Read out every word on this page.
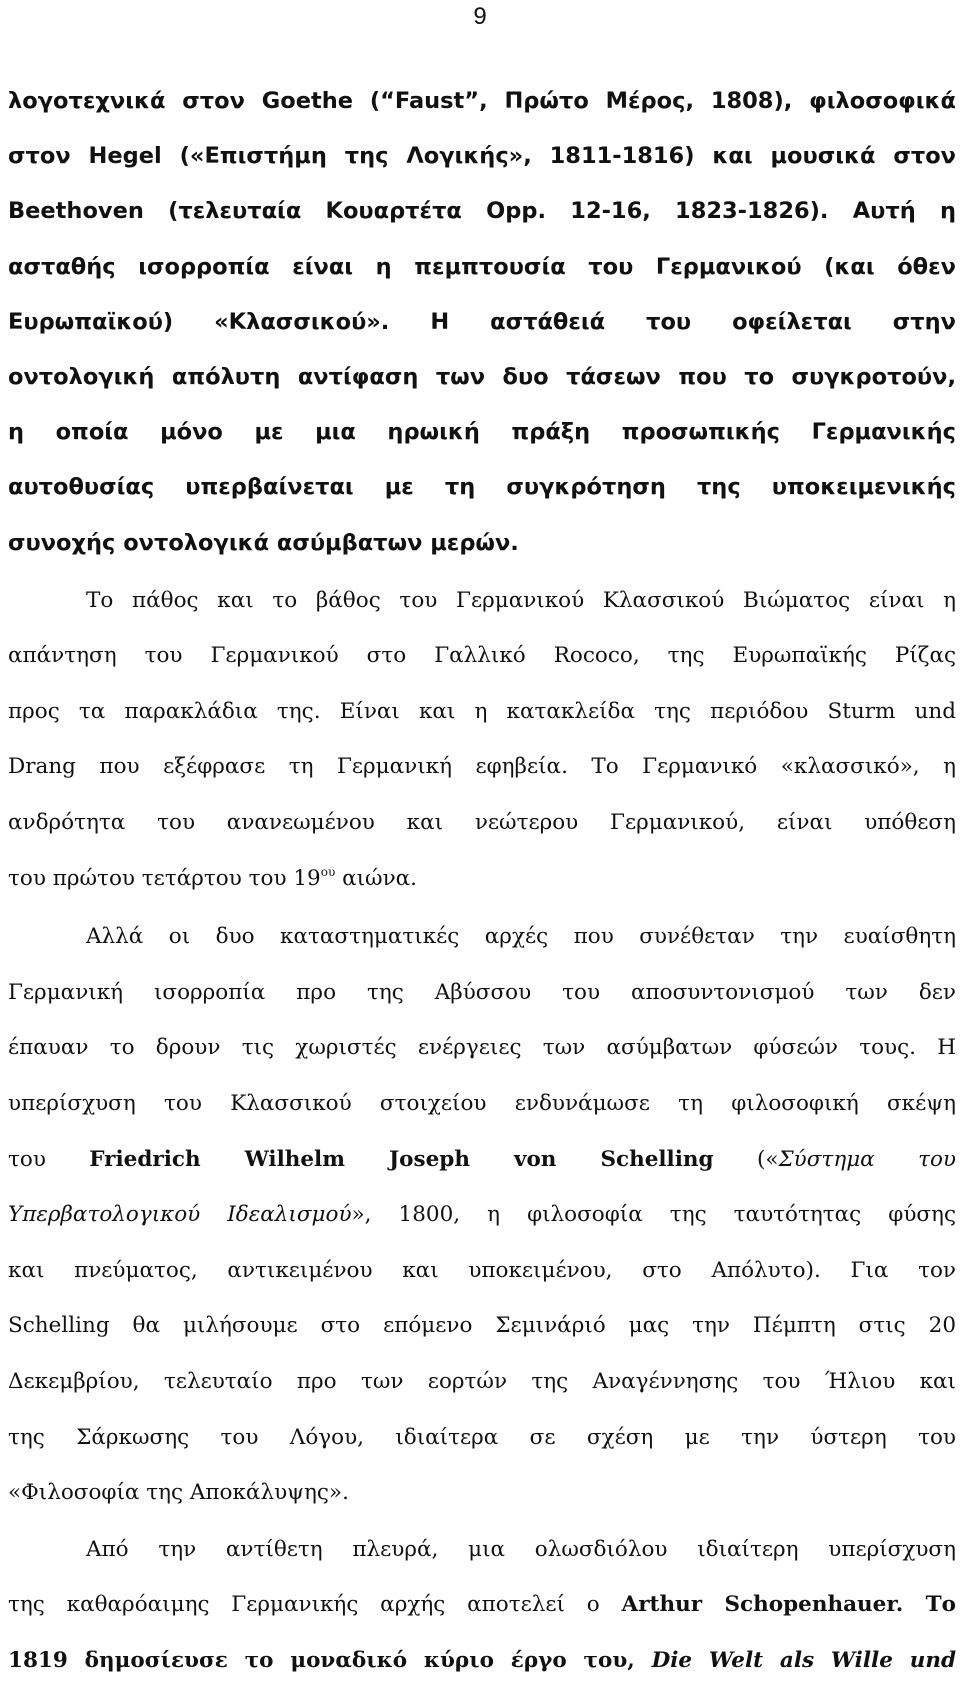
9
λογοτεχνικά στον Goethe (“Faust”, Πρώτο Μέρος, 1808), φιλοσοφικά
στον Hegel («Επιστήμη της Λογικής», 1811-1816) και μουσικά στον
Beethoven (τελευταία Κουαρτέτα Opp. 12-16, 1823-1826). Αυτή η
ασταθής ισορροπία είναι η πεμπτουσία του Γερμανικού (και όθεν
Ευρωπαϊκού) «Κλασσικού». Η αστάθειά του οφείλεται στην
οντολογική απόλυτη αντίφαση των δυο τάσεων που το συγκροτούν,
η οποία μόνο με μια ηρωική πράξη προσωπικής Γερμανικής
αυτοθυσίας υπερβαίνεται με τη συγκρότηση της υποκειμενικής
συνοχής οντολογικά ασύμβατων μερών.
Το πάθος και το βάθος του Γερμανικού Κλασσικού Βιώματος είναι η
απάντηση του Γερμανικού στο Γαλλικό Rococo, της Ευρωπαϊκής Ρίζας
προς τα παρακλάδια της. Είναι και η κατακλείδα της περιόδου Sturm und
Drang που εξέφρασε τη Γερμανική εφηβεία. Το Γερμανικό «κλασσικό», η
ανδρότητα του ανανεωμένου και νεώτερου Γερμανικού, είναι υπόθεση
του πρώτου τετάρτου του $19^{o\upsilon}$ αιώνα.
Αλλά οι δυο καταστηματικές αρχές που συνέθεταν την ευαίσθητη
Γερμανική ισορροπία προ της Αβύσσου του αποσυντονισμού των δεν
έπαυαν το δρουν τις χωριστές ενέργειες των ασύμβατων φύσεών τους. Η
υπερίσχυση του Κλασσικού στοιχείου ενδυνάμωσε τη φιλοσοφική σκέψη
του Friedrich Wilhelm Joseph von Schelling («Σύστημα του
Υπερβατολογικού Ιδεαλισμού», 1800, η φιλοσοφία της ταυτότητας φύσης
και πνεύματος, αντικειμένου και υποκειμένου, στο Απόλυτο). Για τον
Schelling θα μιλήσουμε στο επόμενο Σεμινάριό μας την Πέμπτη στις 20
Δεκεμβρίου, τελευταίο προ των εορτών της Αναγέννησης του Ήλιου και
της Σάρκωσης του Λόγου, ιδιαίτερα σε σχέση με την ύστερη του
«Φιλοσοφία της Αποκάλυψης».
Από την αντίθετη πλευρά, μια ολωσδιόλου ιδιαίτερη υπερίσχυση
της καθαρόαιμης Γερμανικής αρχής αποτελεί ο Arthur Schopenhauer. Το
1819 δημοσίευσε το μοναδικό κύριο έργο του, Die Welt als Wille und
